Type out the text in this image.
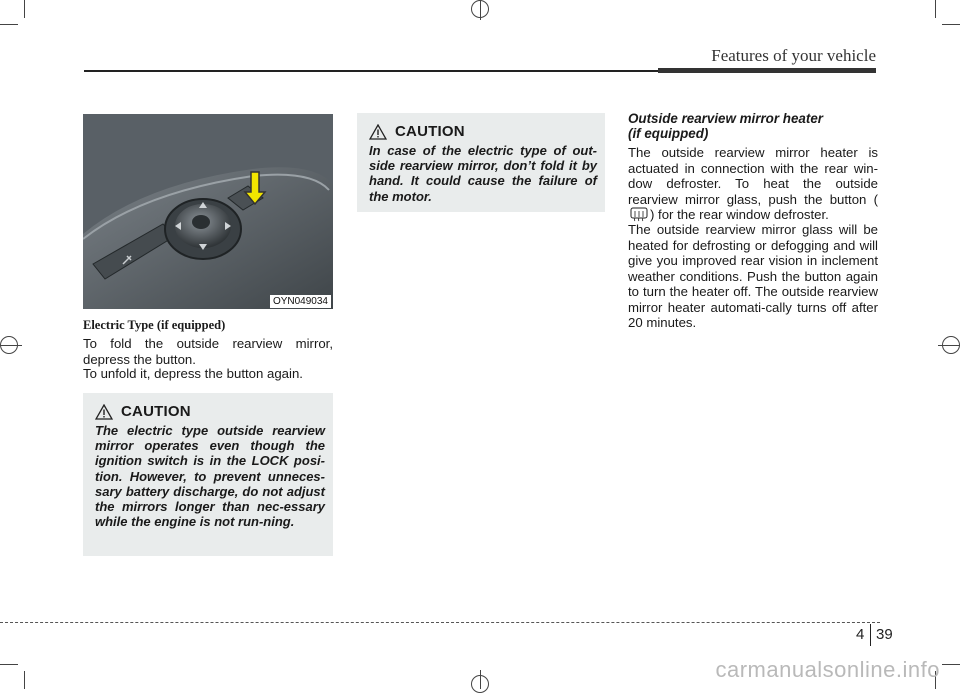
Features of your vehicle
OYN049034
Electric Type (if equipped)

To fold the outside rearview mirror, depress the button.

To unfold it, depress the button again.

CAUTION
The electric type outside rearview mirror operates even though the ignition switch is in the LOCK posi-tion. However, to prevent unneces-sary battery discharge, do not adjust the mirrors longer than nec-essary while the engine is not run-ning.
CAUTION
In case of the electric type of out-side rearview mirror, don’t fold it by hand. It could cause the failure of the motor.
Outside rearview mirror heater
(if equipped)

The outside rearview mirror heater is actuated in connection with the rear win-dow defroster. To heat the outside rearview mirror glass, push the button () for the rear window defroster.

The outside rearview mirror glass will be heated for defrosting or defogging and will give you improved rear vision in inclement weather conditions. Push the button again to turn the heater off. The outside rearview mirror heater automati-cally turns off after 20 minutes.

4 39
carmanualsonline.info
